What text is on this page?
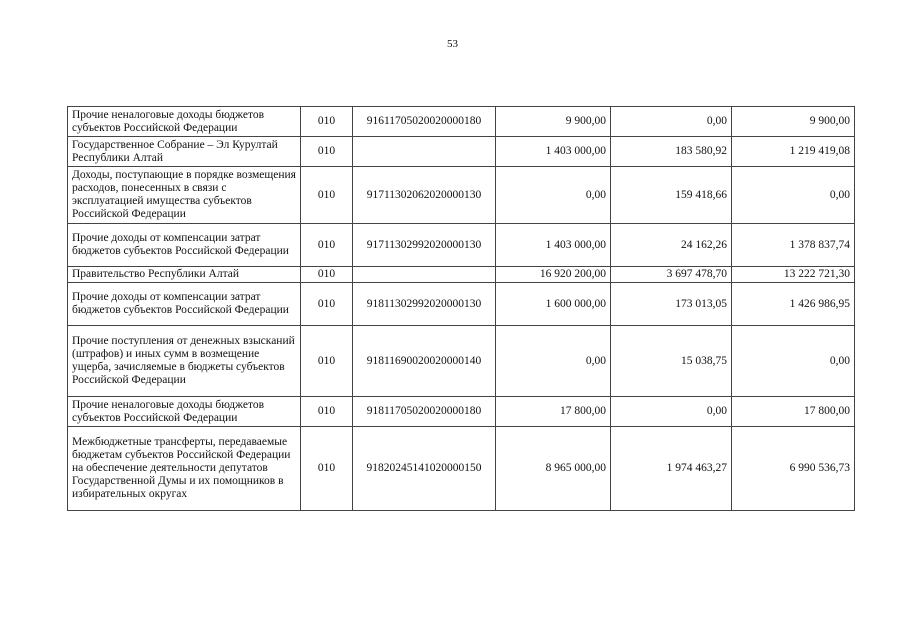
53
Прочие неналоговые доходы бюджетов субъектов Российской Федерации	010	91611705020020000180	9 900,00	0,00	9 900,00
Государственное Собрание – Эл Курултай Республики Алтай	010		1 403 000,00	183 580,92	1 219 419,08
Доходы, поступающие в порядке возмещения расходов, понесенных в связи с эксплуатацией имущества субъектов Российской Федерации	010	91711302062020000130	0,00	159 418,66	0,00
Прочие доходы от компенсации затрат бюджетов субъектов Российской Федерации	010	91711302992020000130	1 403 000,00	24 162,26	1 378 837,74
Правительство Республики Алтай	010		16 920 200,00	3 697 478,70	13 222 721,30
Прочие доходы от компенсации затрат бюджетов субъектов Российской Федерации	010	91811302992020000130	1 600 000,00	173 013,05	1 426 986,95
Прочие поступления от денежных взысканий (штрафов) и иных сумм в возмещение ущерба, зачисляемые в бюджеты субъектов Российской Федерации	010	91811690020020000140	0,00	15 038,75	0,00
Прочие неналоговые доходы бюджетов субъектов Российской Федерации	010	91811705020020000180	17 800,00	0,00	17 800,00
Межбюджетные трансферты, передаваемые бюджетам субъектов Российской Федерации на обеспечение деятельности депутатов Государственной Думы и их помощников в избирательных округах	010	91820245141020000150	8 965 000,00	1 974 463,27	6 990 536,73
